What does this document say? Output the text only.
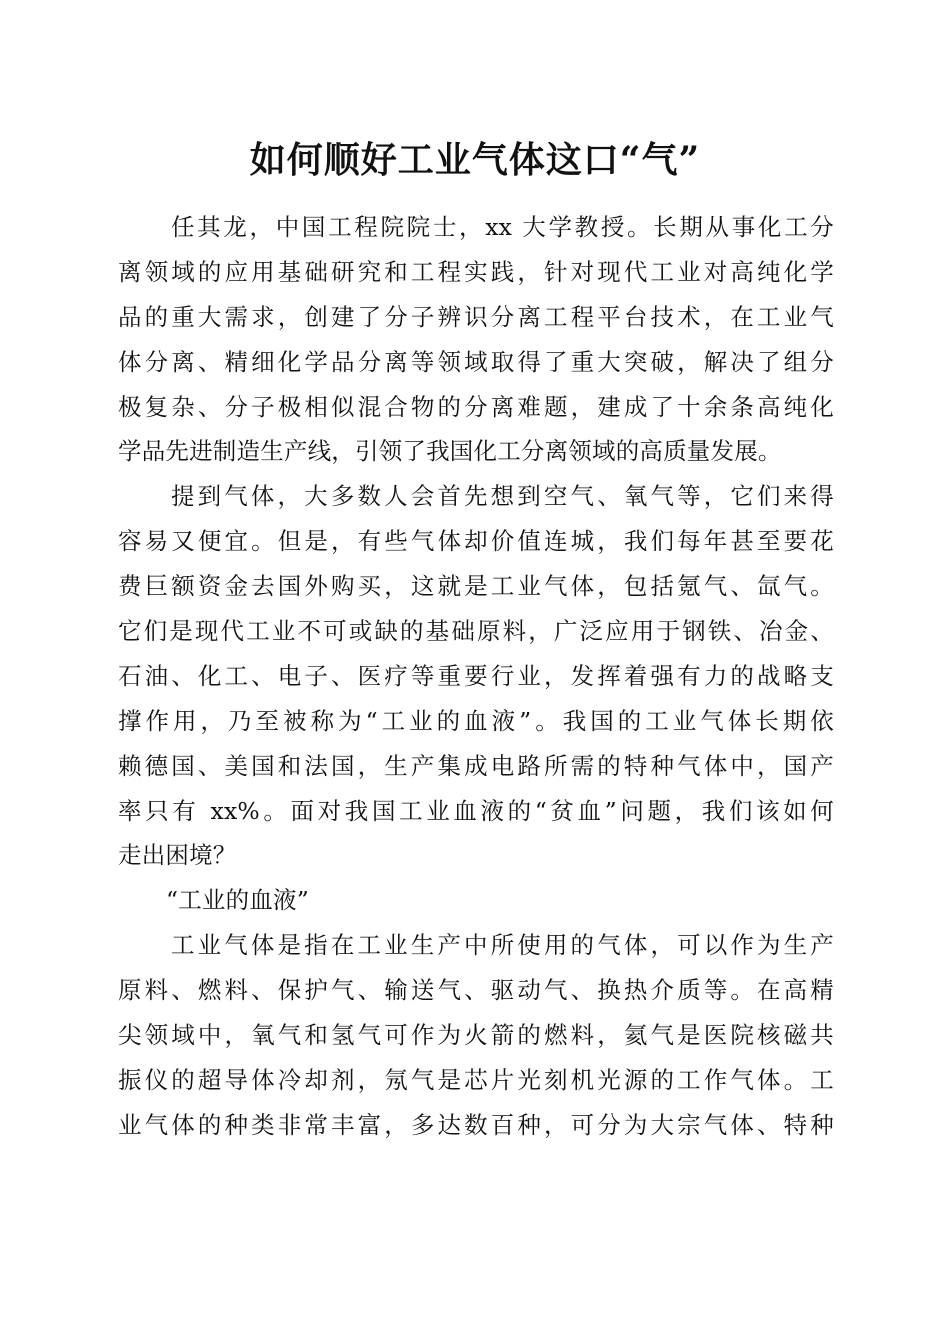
如何顺好工业气体这口“气”
任其龙，中国工程院院士，xx 大学教授。长期从事化工分
离领域的应用基础研究和工程实践，针对现代工业对高纯化学
品的重大需求，创建了分子辨识分离工程平台技术，在工业气
体分离、精细化学品分离等领域取得了重大突破，解决了组分
极复杂、分子极相似混合物的分离难题，建成了十余条高纯化
学品先进制造生产线，引领了我国化工分离领域的高质量发展。
提到气体，大多数人会首先想到空气、氧气等，它们来得
容易又便宜。但是，有些气体却价值连城，我们每年甚至要花
费巨额资金去国外购买，这就是工业气体，包括氪气、氙气。
它们是现代工业不可或缺的基础原料，广泛应用于钢铁、冶金、
石油、化工、电子、医疗等重要行业，发挥着强有力的战略支
撑作用，乃至被称为“工业的血液”。我国的工业气体长期依
赖德国、美国和法国，生产集成电路所需的特种气体中，国产
率只有 xx%。面对我国工业血液的“贫血”问题，我们该如何
走出困境？
“工业的血液”
工业气体是指在工业生产中所使用的气体，可以作为生产
原料、燃料、保护气、输送气、驱动气、换热介质等。在高精
尖领域中，氧气和氢气可作为火箭的燃料，氦气是医院核磁共
振仪的超导体冷却剂，氖气是芯片光刻机光源的工作气体。工
业气体的种类非常丰富，多达数百种，可分为大宗气体、特种
